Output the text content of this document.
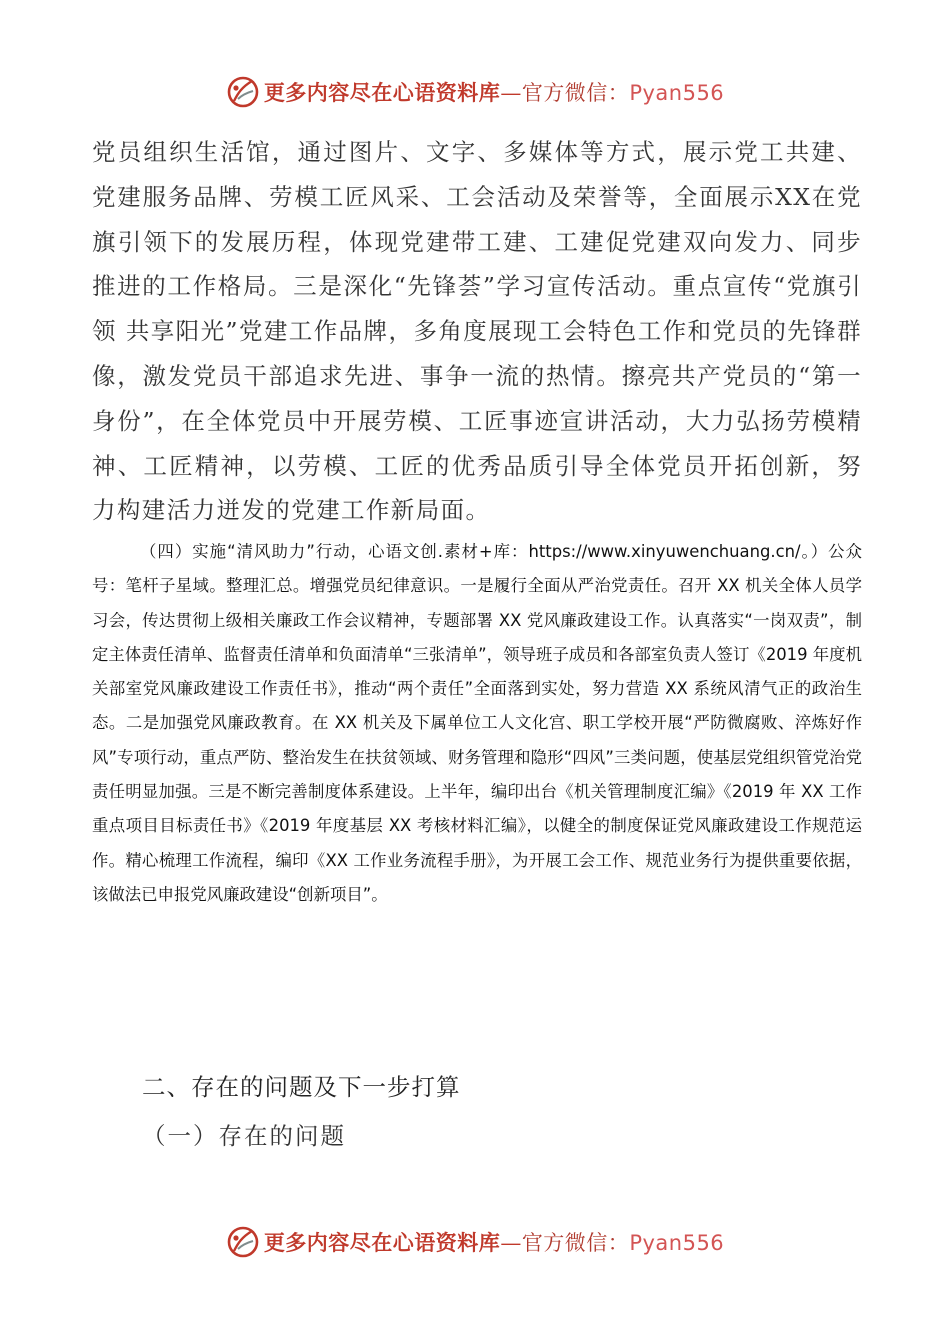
更多内容尽在心语资料库—官方微信：Pyan556

党员组织生活馆，通过图片、文字、多媒体等方式，展示党工共建、党建服务品牌、劳模工匠风采、工会活动及荣誉等，全面展示XX在党旗引领下的发展历程，体现党建带工建、工建促党建双向发力、同步推进的工作格局。三是深化“先锋荟”学习宣传活动。重点宣传“党旗引领 共享阳光”党建工作品牌，多角度展现工会特色工作和党员的先锋群像，激发党员干部追求先进、事争一流的热情。擦亮共产党员的“第一身份”，在全体党员中开展劳模、工匠事迹宣讲活动，大力弘扬劳模精神、工匠精神，以劳模、工匠的优秀品质引导全体党员开拓创新，努力构建活力迸发的党建工作新局面。

（四）实施“清风助力”行动，心语文创.素材+库：https://www.xinyuwenchuang.cn/。）公众号：笔杆子星域。整理汇总。增强党员纪律意识。一是履行全面从严治党责任。召开 XX 机关全体人员学习会，传达贯彻上级相关廉政工作会议精神，专题部署 XX 党风廉政建设工作。认真落实“一岗双责”，制定主体责任清单、监督责任清单和负面清单“三张清单”，领导班子成员和各部室负责人签订《2019 年度机关部室党风廉政建设工作责任书》，推动“两个责任”全面落到实处，努力营造 XX 系统风清气正的政治生态。二是加强党风廉政教育。在 XX 机关及下属单位工人文化宫、职工学校开展“严防微腐败、淬炼好作风”专项行动，重点严防、整治发生在扶贫领域、财务管理和隐形“四风”三类问题，使基层党组织管党治党责任明显加强。三是不断完善制度体系建设。上半年，编印出台《机关管理制度汇编》《2019 年 XX 工作重点项目目标责任书》《2019 年度基层 XX 考核材料汇编》，以健全的制度保证党风廉政建设工作规范运作。精心梳理工作流程，编印《XX 工作业务流程手册》，为开展工会工作、规范业务行为提供重要依据，该做法已申报党风廉政建设“创新项目”。

二、存在的问题及下一步打算
（一）存在的问题
更多内容尽在心语资料库—官方微信：Pyan556
